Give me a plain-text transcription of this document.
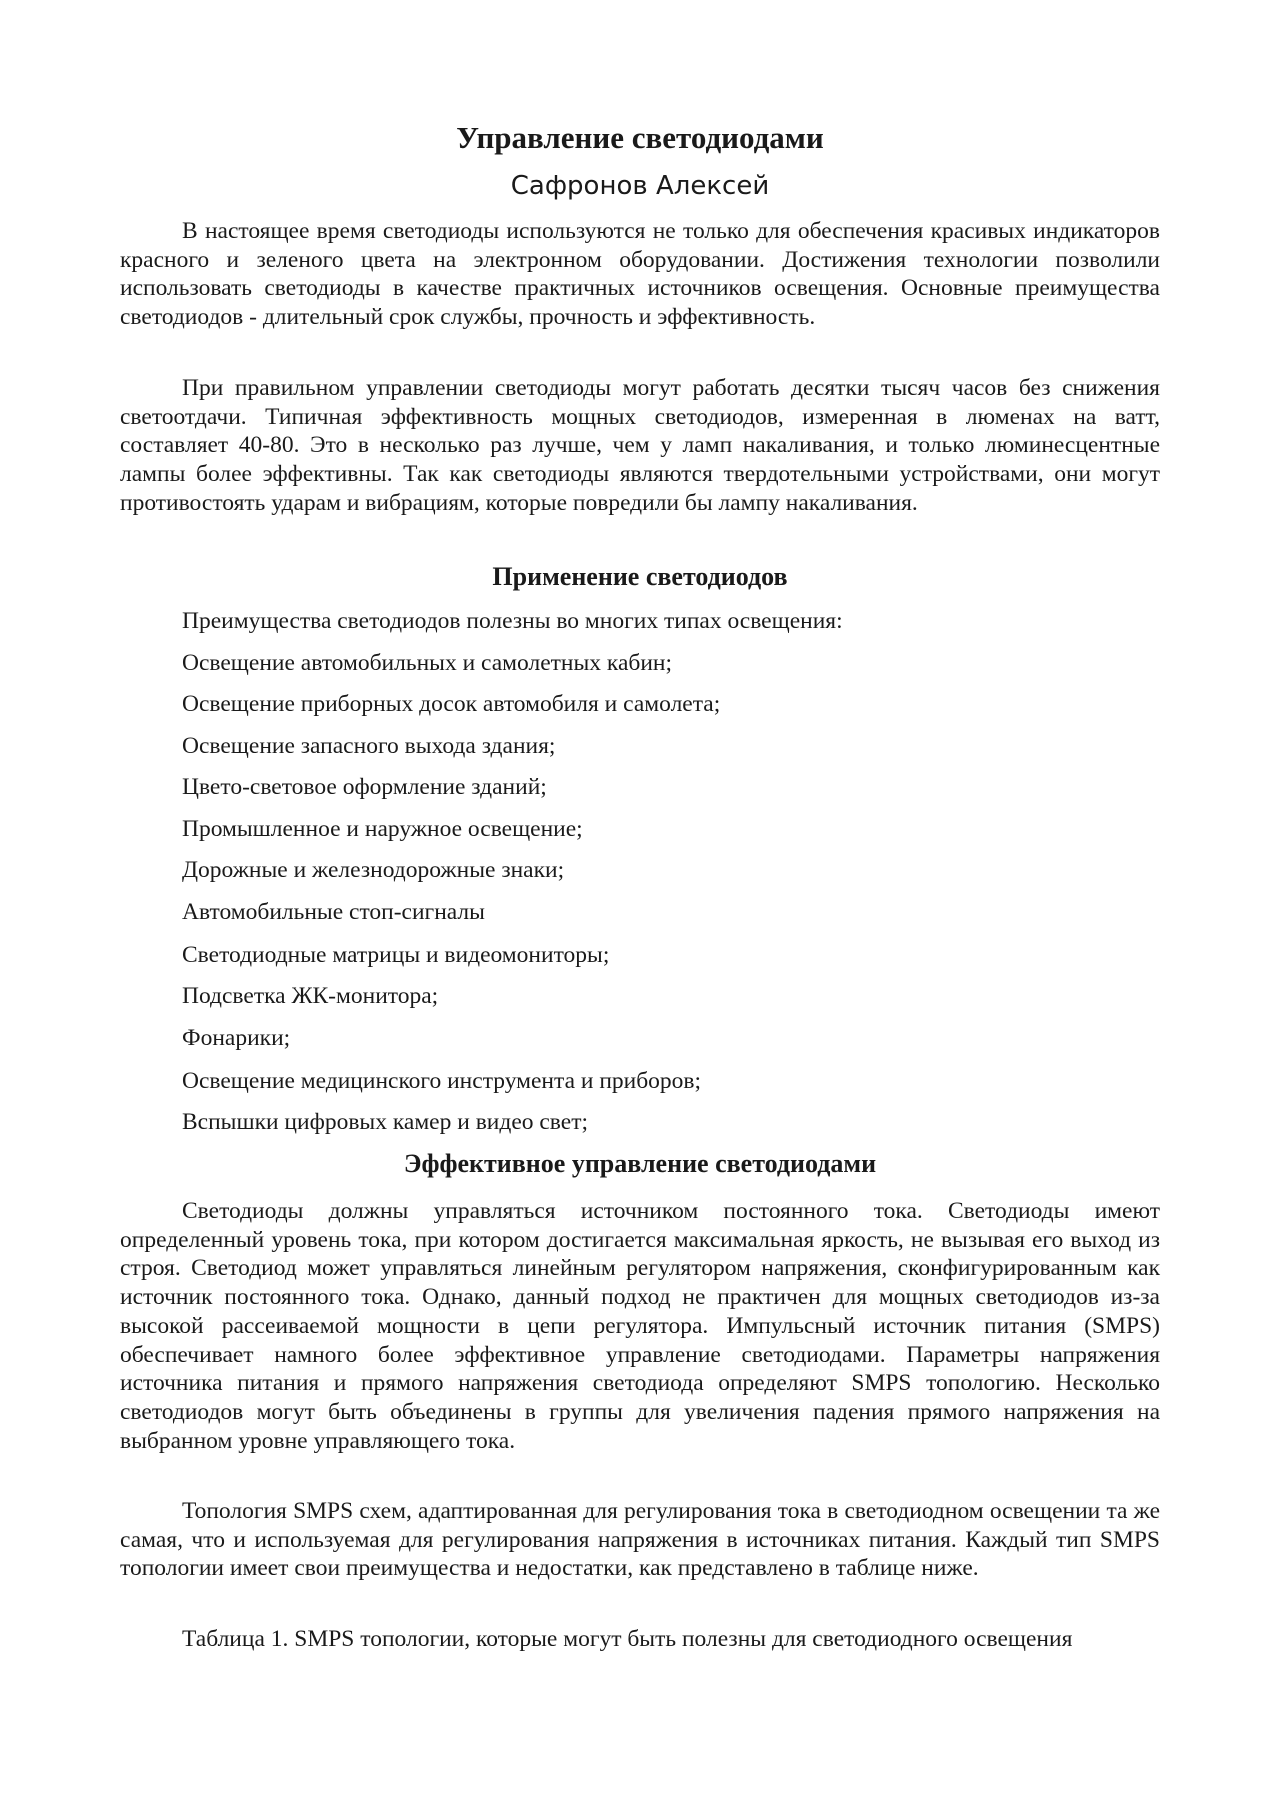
Управление светодиодами

Сафронов Алексей

В настоящее время светодиоды используются не только для обеспечения красивых индикаторов красного и зеленого цвета на электронном оборудовании. Достижения технологии позволили использовать светодиоды в качестве практичных источников освещения. Основные преимущества светодиодов - длительный срок службы, прочность и эффективность.

При правильном управлении светодиоды могут работать десятки тысяч часов без снижения светоотдачи. Типичная эффективность мощных светодиодов, измеренная в люменах на ватт, составляет 40-80. Это в несколько раз лучше, чем у ламп накаливания, и только люминесцентные лампы более эффективны. Так как светодиоды являются твердотельными устройствами, они могут противостоять ударам и вибрациям, которые повредили бы лампу накаливания.

Применение светодиодов

Преимущества светодиодов полезны во многих типах освещения:

Освещение автомобильных и самолетных кабин;

Освещение приборных досок автомобиля и самолета;

Освещение запасного выхода здания;

Цвето-световое оформление зданий;

Промышленное и наружное освещение;

Дорожные и железнодорожные знаки;

Автомобильные стоп-сигналы

Светодиодные матрицы и видеомониторы;

Подсветка ЖК-монитора;

Фонарики;

Освещение медицинского инструмента и приборов;

Вспышки цифровых камер и видео свет;

Эффективное управление светодиодами

Светодиоды должны управляться источником постоянного тока. Светодиоды имеют определенный уровень тока, при котором достигается максимальная яркость, не вызывая его выход из строя. Светодиод может управляться линейным регулятором напряжения, сконфигурированным как источник постоянного тока. Однако, данный подход не практичен для мощных светодиодов из-за высокой рассеиваемой мощности в цепи регулятора. Импульсный источник питания (SMPS) обеспечивает намного более эффективное управление светодиодами. Параметры напряжения источника питания и прямого напряжения светодиода определяют SMPS топологию. Несколько светодиодов могут быть объединены в группы для увеличения падения прямого напряжения на выбранном уровне управляющего тока.

Топология SMPS схем, адаптированная для регулирования тока в светодиодном освещении та же самая, что и используемая для регулирования напряжения в источниках питания. Каждый тип SMPS топологии имеет свои преимущества и недостатки, как представлено в таблице ниже.

Таблица 1. SMPS топологии, которые могут быть полезны для светодиодного освещения
